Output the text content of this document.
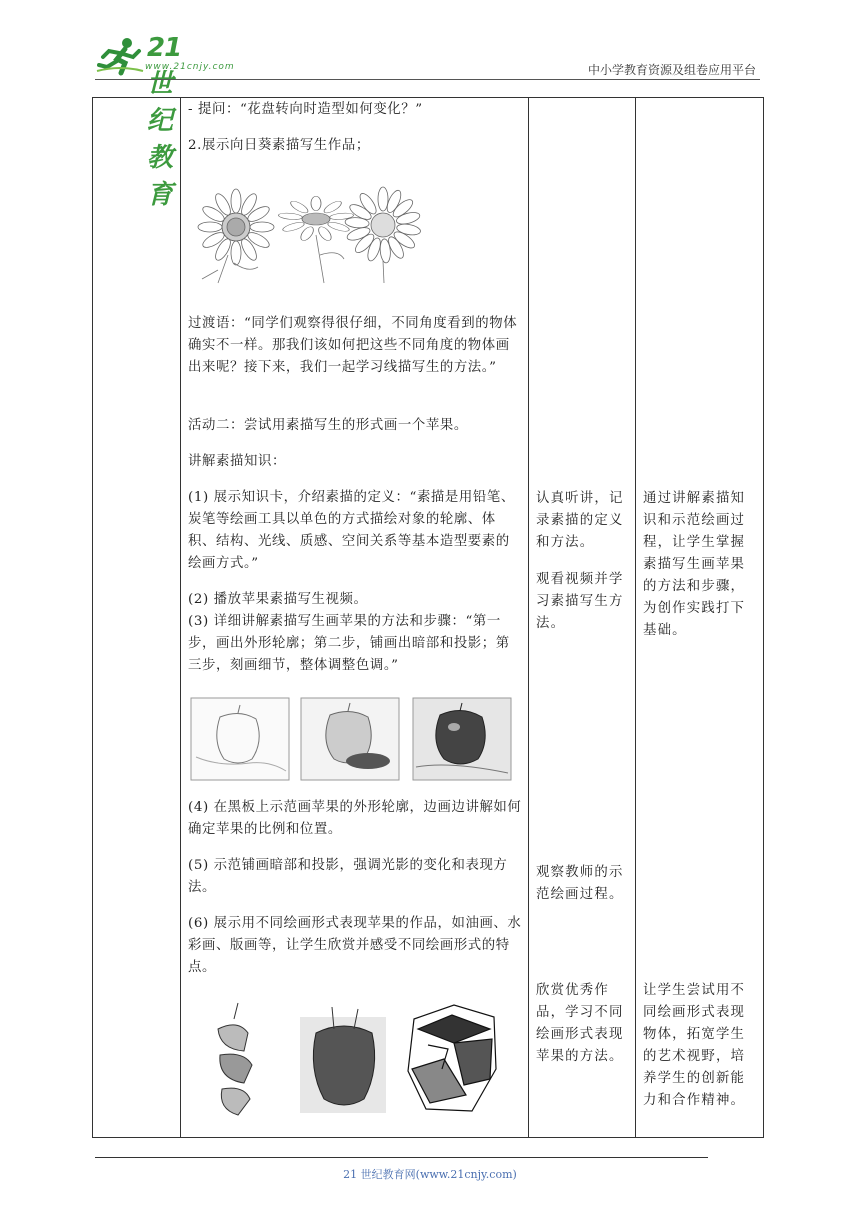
21世纪教育
www.21cnjy.com	中小学教育资源及组卷应用平台

- 提问：“花盘转向时造型如何变化？”

2.展示向日葵素描写生作品；

过渡语：“同学们观察得很仔细，不同角度看到的物体确实不一样。那我们该如何把这些不同角度的物体画出来呢？接下来，我们一起学习线描写生的方法。”

活动二：尝试用素描写生的形式画一个苹果。

讲解素描知识：

(1) 展示知识卡，介绍素描的定义：“素描是用铅笔、炭笔等绘画工具以单色的方式描绘对象的轮廓、体积、结构、光线、质感、空间关系等基本造型要素的绘画方式。”

(2) 播放苹果素描写生视频。

(3) 详细讲解素描写生画苹果的方法和步骤：“第一步，画出外形轮廓；第二步，铺画出暗部和投影；第三步，刻画细节，整体调整色调。”

(4) 在黑板上示范画苹果的外形轮廓，边画边讲解如何确定苹果的比例和位置。

(5) 示范铺画暗部和投影，强调光影的变化和表现方法。

(6) 展示用不同绘画形式表现苹果的作品，如油画、水彩画、版画等，让学生欣赏并感受不同绘画形式的特点。

认真听讲，记录素描的定义和方法。

观看视频并学习素描写生方法。

观察教师的示范绘画过程。

欣赏优秀作品，学习不同绘画形式表现苹果的方法。

通过讲解素描知识和示范绘画过程，让学生掌握素描写生画苹果的方法和步骤，为创作实践打下基础。

让学生尝试用不同绘画形式表现物体，拓宽学生的艺术视野，培养学生的创新能力和合作精神。

21 世纪教育网(www.21cnjy.com)
